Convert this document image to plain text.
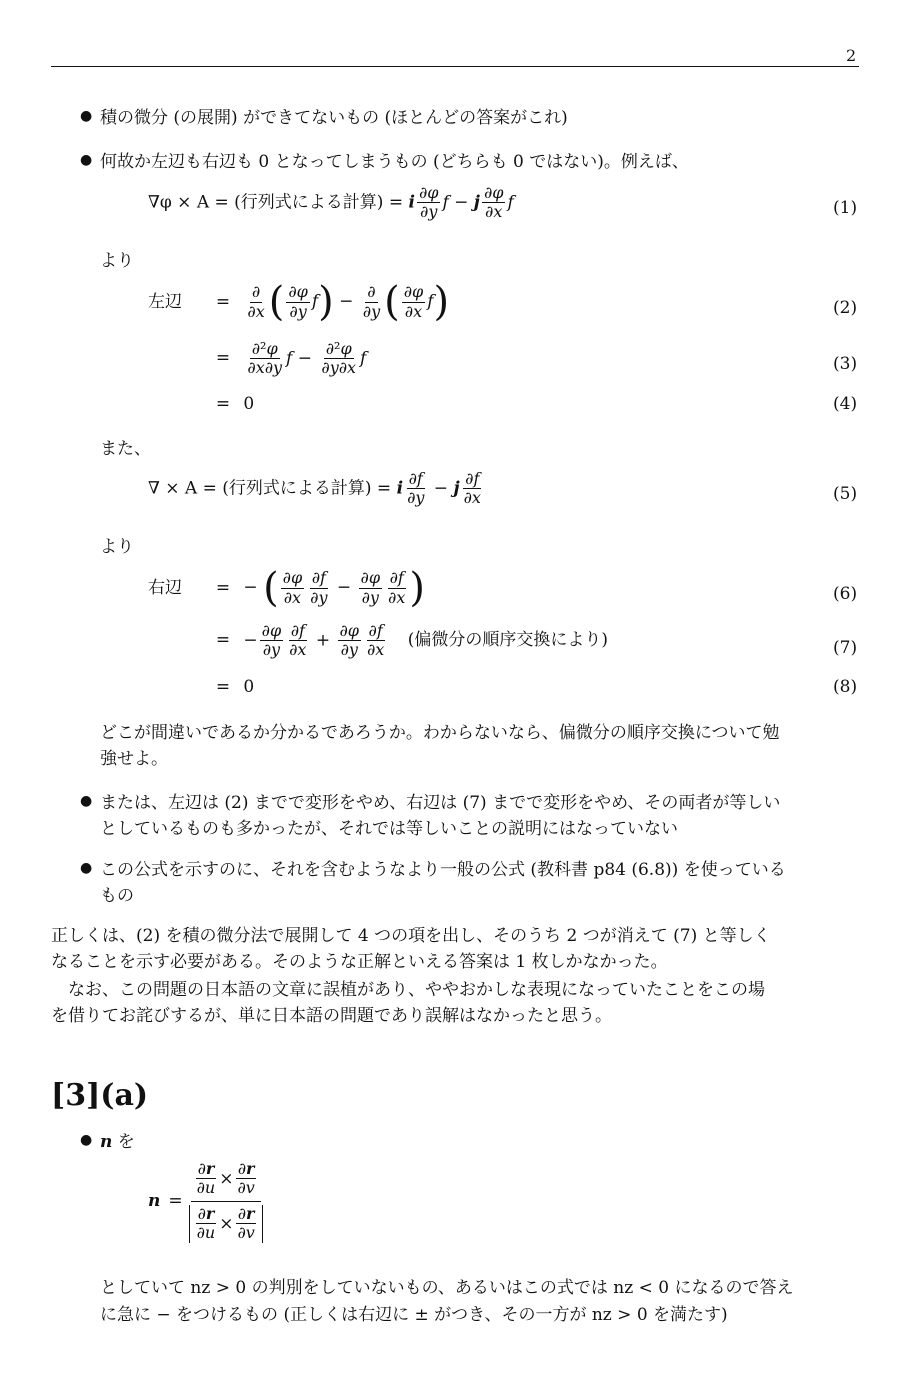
2
● 積の微分 (の展開) ができてないもの (ほとんどの答案がこれ)
● 何故か左辺も右辺も 0 となってしまうもの (どちらも 0 ではない)。例えば、
∇φ × A = (行列式による計算) = i $\frac{\partial\varphi}{\partial y}$ f − j $\frac{\partial\varphi}{\partial x}$ f	(1)
より
左辺 = $\frac{\partial}{\partial x}$ ( $\frac{\partial\varphi}{\partial y} f) - \frac{\partial}{\partial y}$ ( $\frac{\partial\varphi}{\partial x} f$)	(2)
= $\frac{\text{∂²φ}}{\partial x\partial y}$ $f - \frac{\text{∂²φ}}{\partial y\partial x}$ f	(3)
= 0	(4)
また、
∇ × A = (行列式による計算) = i $\frac{\partial f}{\partial y} - j \frac{\partial f}{\partial x}$	(5)
より
右辺 = − ( $\frac{\partial\varphi}{\partial x} \frac{\partial f}{\partial y} - \frac{\partial\varphi}{\partial y} \frac{\partial f}{\partial x}$ )	(6)
= − $\frac{\partial\varphi}{\partial y} \frac{\partial f}{\partial x} + \frac{\partial\varphi}{\partial y} \frac{\partial f}{\partial x}$ (偏微分の順序交換により)	(7)
= 0	(8)
どこが間違いであるか分かるであろうか。わからないなら、偏微分の順序交換について勉
強せよ。
● または、左辺は (2) までで変形をやめ、右辺は (7) までで変形をやめ、その両者が等しい
としているものも多かったが、それでは等しいことの説明にはなっていない
● この公式を示すのに、それを含むようなより一般の公式 (教科書 p84 (6.8)) を使っている
もの
正しくは、(2) を積の微分法で展開して 4 つの項を出し、そのうち 2 つが消えて (7) と等しく
なることを示す必要がある。そのような正解といえる答案は 1 枚しかなかった。
なお、この問題の日本語の文章に誤植があり、ややおかしな表現になっていたことをこの場
を借りてお詫びするが、単に日本語の問題であり誤解はなかったと思う。
[3](a)
● n を
$n = \frac{\frac{\partial r}{\partial u} \times \frac{\partial r}{\partial v}}{\frac{\partial r}{\partial u} \times \frac{\partial r}{\partial v}}$
としていて nz > 0 の判別をしていないもの、あるいはこの式では nz < 0 になるので答え
に急に − をつけるもの (正しくは右辺に ± がつき、その一方が nz > 0 を満たす)
